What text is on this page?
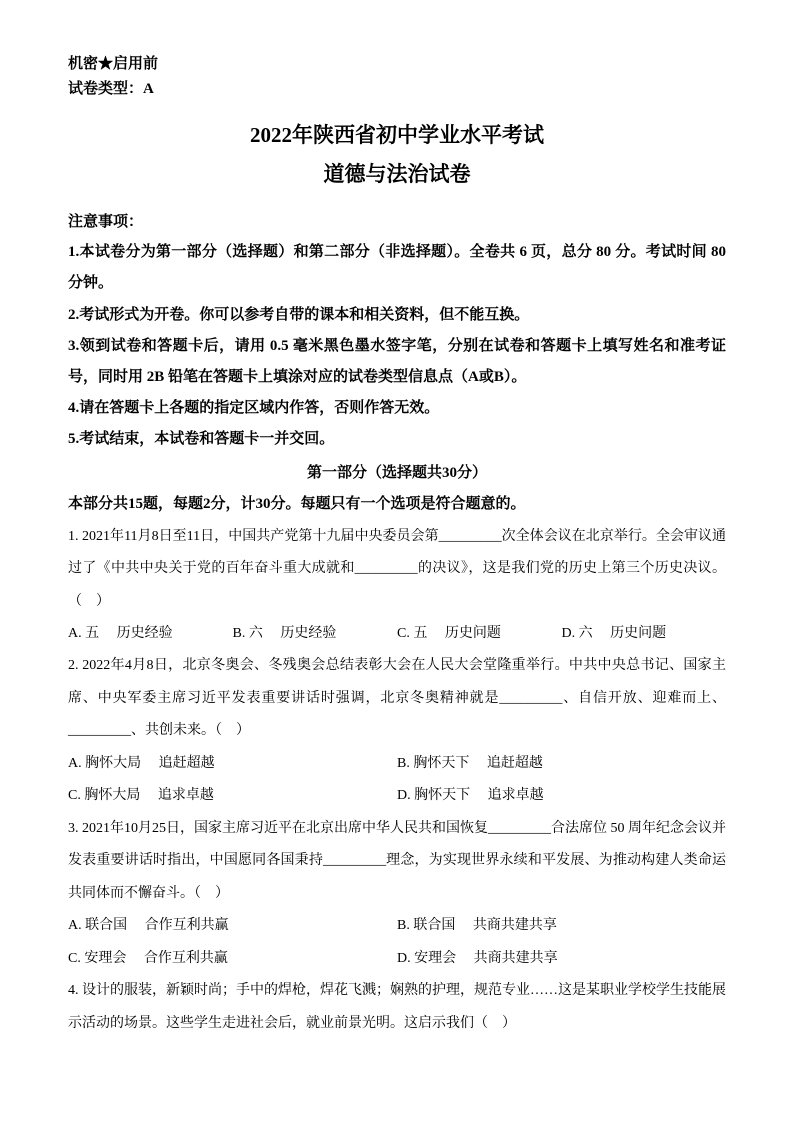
机密★启用前
试卷类型：A
2022年陕西省初中学业水平考试
道德与法治试卷
注意事项：

1.本试卷分为第一部分（选择题）和第二部分（非选择题）。全卷共 6 页，总分 80 分。考试时间 80 分钟。

2.考试形式为开卷。你可以参考自带的课本和相关资料，但不能互换。

3.领到试卷和答题卡后，请用 0.5 毫米黑色墨水签字笔，分别在试卷和答题卡上填写姓名和准考证号，同时用 2B 铅笔在答题卡上填涂对应的试卷类型信息点（A或B）。

4.请在答题卡上各题的指定区域内作答，否则作答无效。

5.考试结束，本试卷和答题卡一并交回。

第一部分（选择题共30分）
本部分共15题，每题2分，计30分。每题只有一个选项是符合题意的。

1. 2021年11月8日至11日，中国共产党第十九届中央委员会第_________次全体会议在北京举行。全会审议通过了《中共中央关于党的百年奋斗重大成就和_________的决议》，这是我们党的历史上第三个历史决议。（　）

A. 五　 历史经验	B. 六　 历史经验	C. 五　 历史问题	D. 六　 历史问题

2. 2022年4月8日，北京冬奥会、冬残奥会总结表彰大会在人民大会堂隆重举行。中共中央总书记、国家主席、中央军委主席习近平发表重要讲话时强调，北京冬奥精神就是_________、自信开放、迎难而上、_________、共创未来。（　）

A. 胸怀大局　 追赶超越	B. 胸怀天下　 追赶超越
C. 胸怀大局　 追求卓越	D. 胸怀天下　 追求卓越

3. 2021年10月25日，国家主席习近平在北京出席中华人民共和国恢复_________合法席位 50 周年纪念会议并发表重要讲话时指出，中国愿同各国秉持_________理念，为实现世界永续和平发展、为推动构建人类命运共同体而不懈奋斗。（　）

A. 联合国　 合作互利共赢	B. 联合国　 共商共建共享
C. 安理会　 合作互利共赢	D. 安理会　 共商共建共享

4. 设计的服装，新颖时尚；手中的焊枪，焊花飞溅；娴熟的护理，规范专业……这是某职业学校学生技能展示活动的场景。这些学生走进社会后，就业前景光明。这启示我们（　）
